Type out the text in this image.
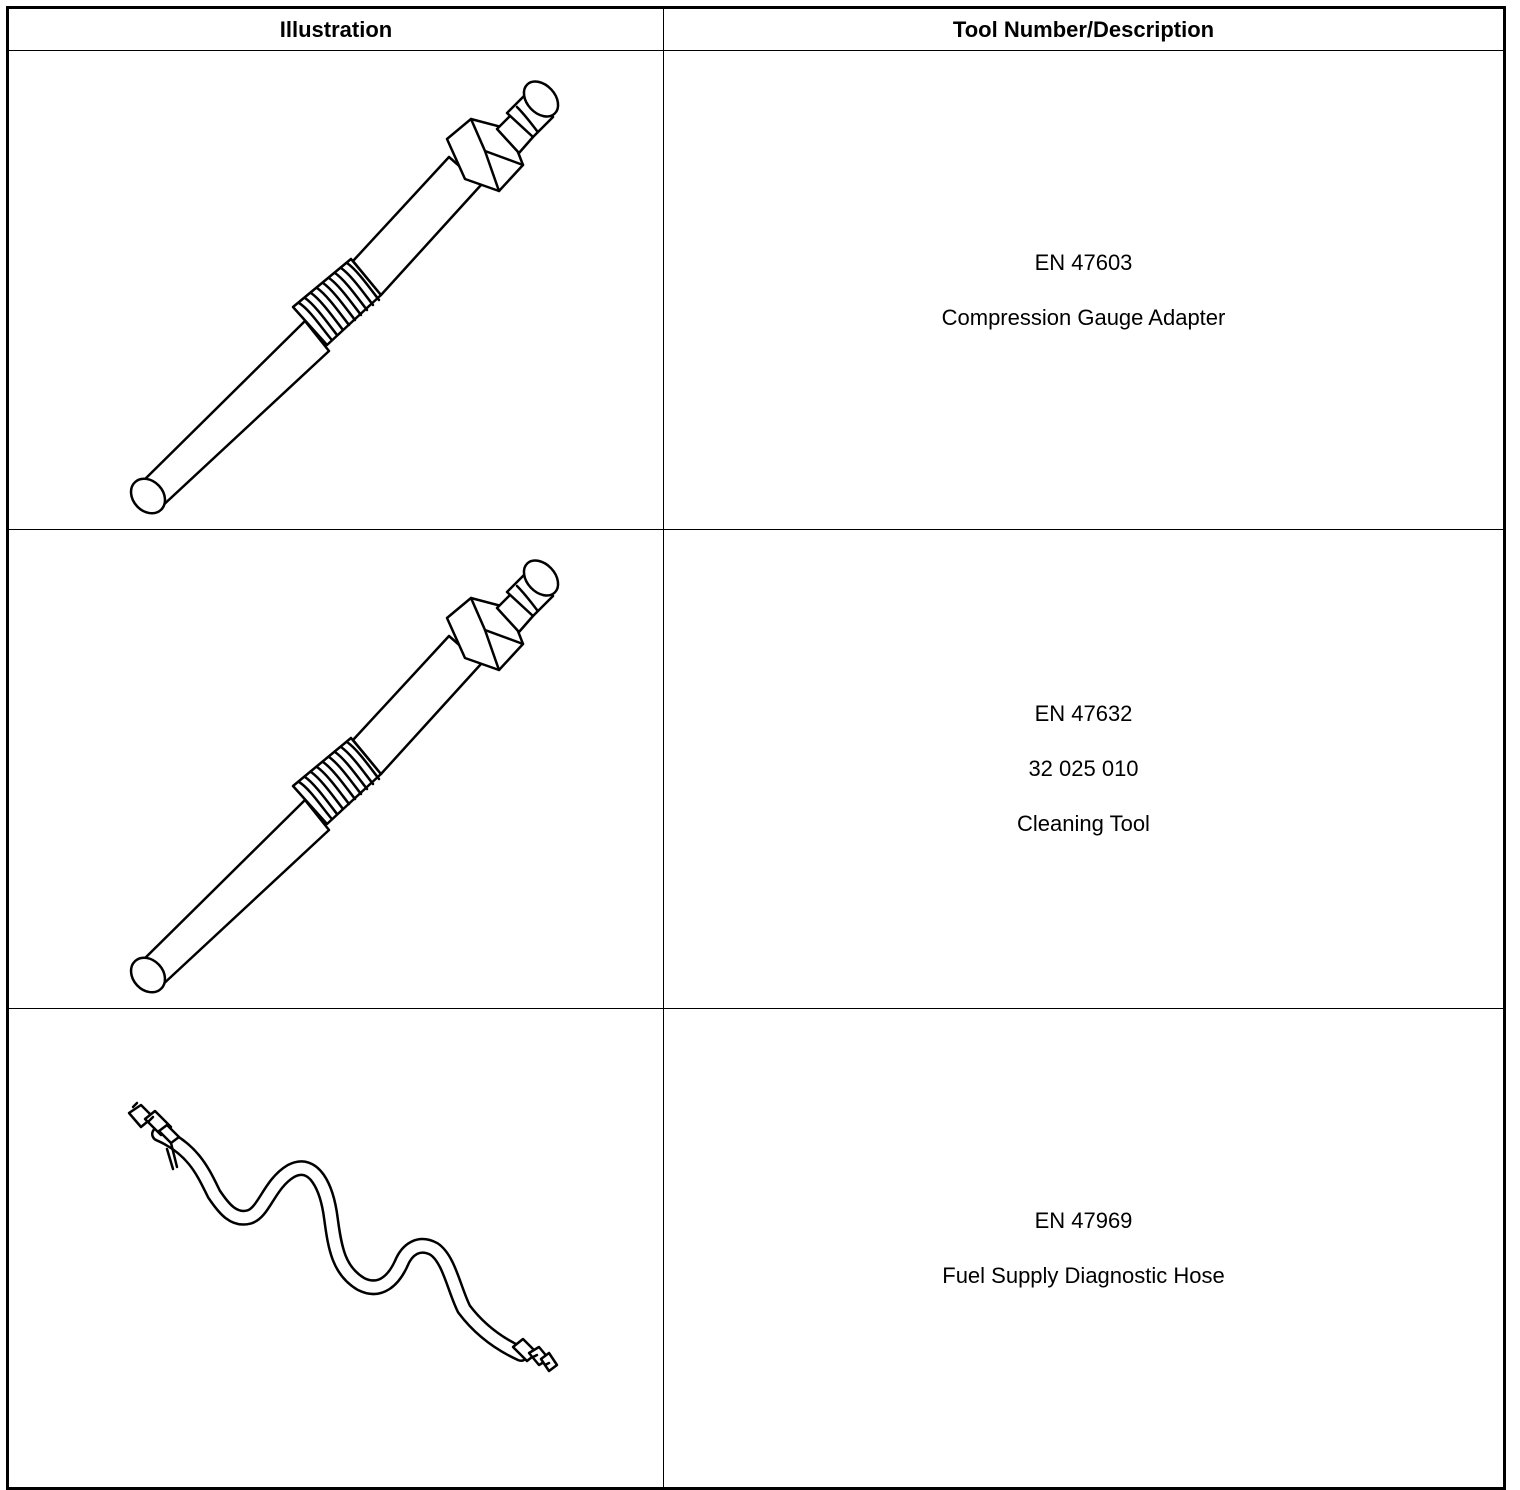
Illustration	Tool Number/Description

EN 47603
Compression Gauge Adapter

EN 47632
32 025 010
Cleaning Tool

EN 47969
Fuel Supply Diagnostic Hose
